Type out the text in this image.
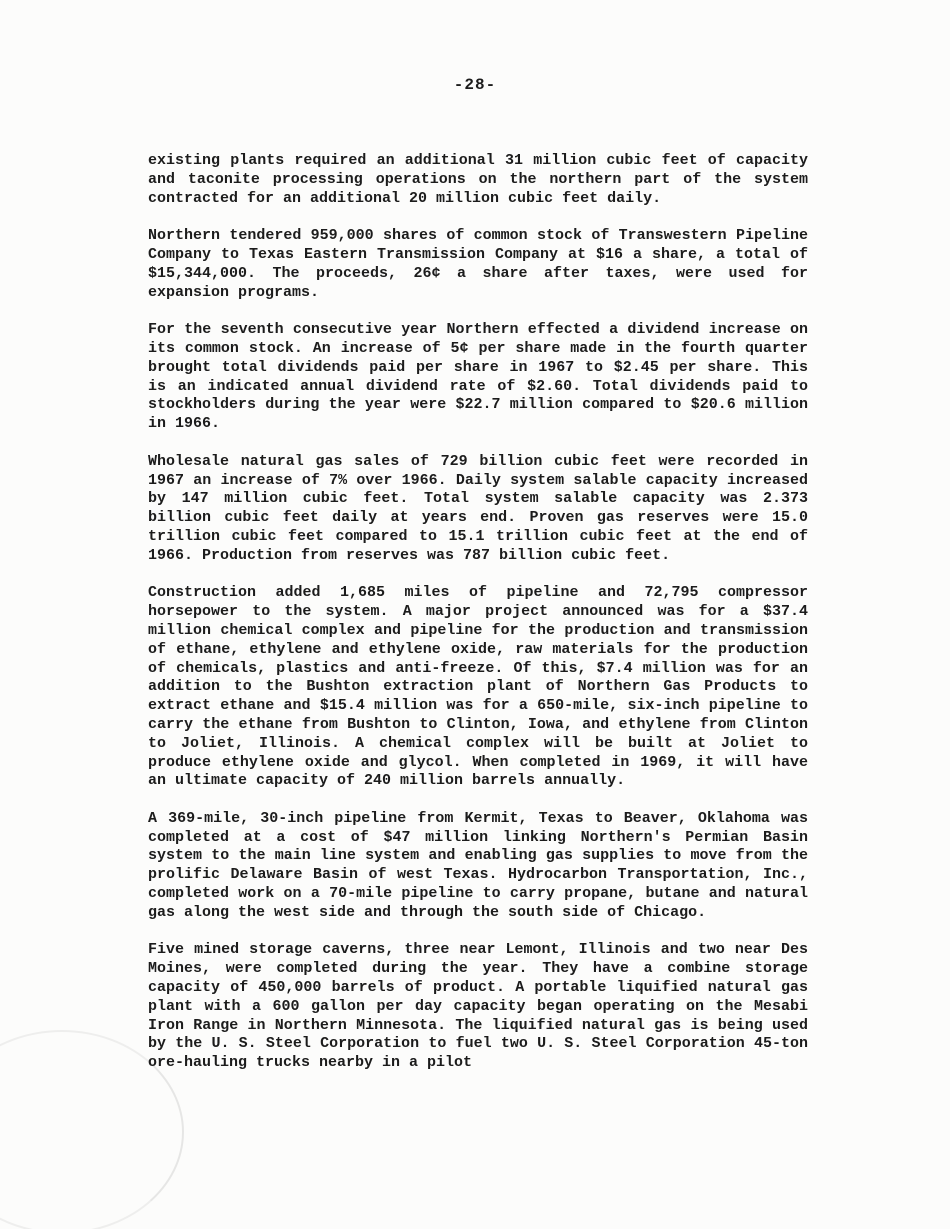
-28-

existing plants required an additional 31 million cubic feet of capacity and taconite processing operations on the northern part of the system contracted for an additional 20 million cubic feet daily.

Northern tendered 959,000 shares of common stock of Transwestern Pipeline Company to Texas Eastern Transmission Company at $16 a share, a total of $15,344,000. The proceeds, 26¢ a share after taxes, were used for expansion programs.

For the seventh consecutive year Northern effected a dividend increase on its common stock. An increase of 5¢ per share made in the fourth quarter brought total dividends paid per share in 1967 to $2.45 per share. This is an indicated annual dividend rate of $2.60. Total dividends paid to stockholders during the year were $22.7 million compared to $20.6 million in 1966.

Wholesale natural gas sales of 729 billion cubic feet were recorded in 1967 an increase of 7% over 1966. Daily system salable capacity increased by 147 million cubic feet. Total system salable capacity was 2.373 billion cubic feet daily at years end. Proven gas reserves were 15.0 trillion cubic feet compared to 15.1 trillion cubic feet at the end of 1966. Production from reserves was 787 billion cubic feet.

Construction added 1,685 miles of pipeline and 72,795 compressor horsepower to the system. A major project announced was for a $37.4 million chemical complex and pipeline for the production and transmission of ethane, ethylene and ethylene oxide, raw materials for the production of chemicals, plastics and anti-freeze. Of this, $7.4 million was for an addition to the Bushton extraction plant of Northern Gas Products to extract ethane and $15.4 million was for a 650-mile, six-inch pipeline to carry the ethane from Bushton to Clinton, Iowa, and ethylene from Clinton to Joliet, Illinois. A chemical complex will be built at Joliet to produce ethylene oxide and glycol. When completed in 1969, it will have an ultimate capacity of 240 million barrels annually.

A 369-mile, 30-inch pipeline from Kermit, Texas to Beaver, Oklahoma was completed at a cost of $47 million linking Northern's Permian Basin system to the main line system and enabling gas supplies to move from the prolific Delaware Basin of west Texas. Hydrocarbon Transportation, Inc., completed work on a 70-mile pipeline to carry propane, butane and natural gas along the west side and through the south side of Chicago.

Five mined storage caverns, three near Lemont, Illinois and two near Des Moines, were completed during the year. They have a combine storage capacity of 450,000 barrels of product. A portable liquified natural gas plant with a 600 gallon per day capacity began operating on the Mesabi Iron Range in Northern Minnesota. The liquified natural gas is being used by the U. S. Steel Corporation to fuel two U. S. Steel Corporation 45-ton ore-hauling trucks nearby in a pilot
